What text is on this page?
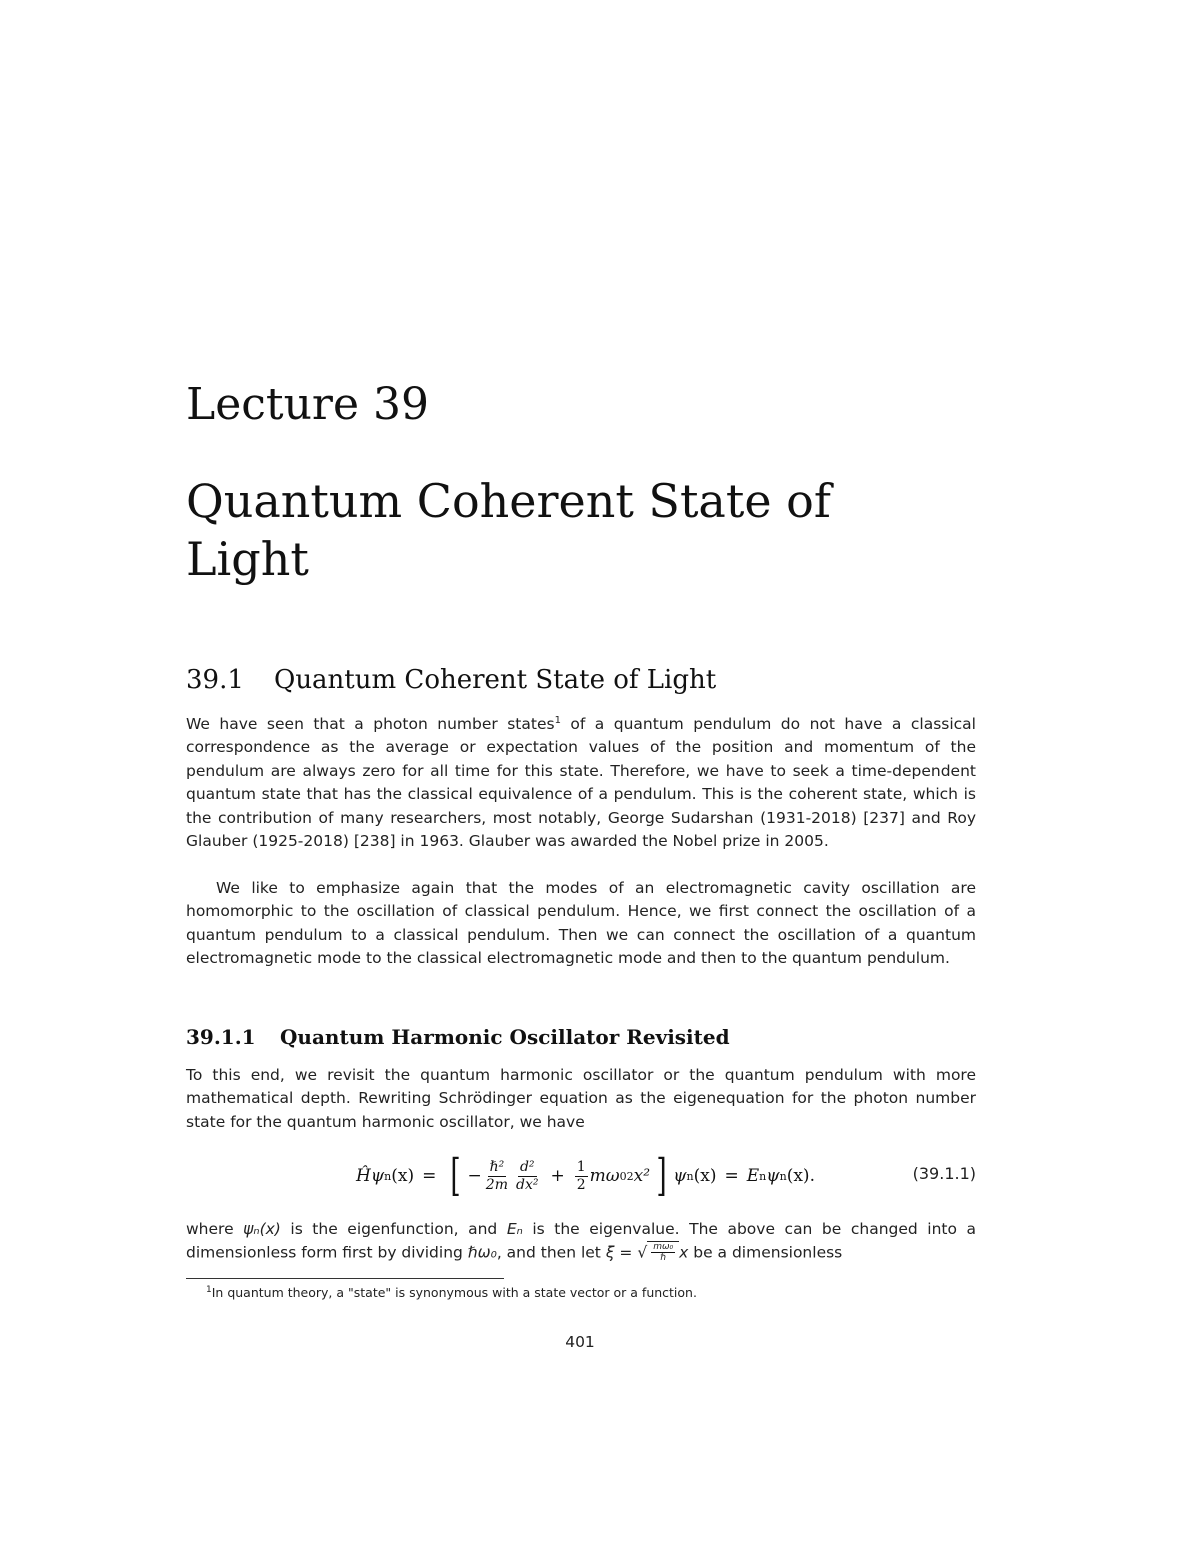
Lecture 39
Quantum Coherent State of Light
39.1 Quantum Coherent State of Light
We have seen that a photon number states$^1$ of a quantum pendulum do not have a classical correspondence as the average or expectation values of the position and momentum of the pendulum are always zero for all time for this state. Therefore, we have to seek a time-dependent quantum state that has the classical equivalence of a pendulum. This is the coherent state, which is the contribution of many researchers, most notably, George Sudarshan (1931-2018) [237] and Roy Glauber (1925-2018) [238] in 1963. Glauber was awarded the Nobel prize in 2005.
We like to emphasize again that the modes of an electromagnetic cavity oscillation are homomorphic to the oscillation of classical pendulum. Hence, we first connect the oscillation of a quantum pendulum to a classical pendulum. Then we can connect the oscillation of a quantum electromagnetic mode to the classical electromagnetic mode and then to the quantum pendulum.
39.1.1 Quantum Harmonic Oscillator Revisited
To this end, we revisit the quantum harmonic oscillator or the quantum pendulum with more mathematical depth. Rewriting Schrödinger equation as the eigenequation for the photon number state for the quantum harmonic oscillator, we have
Ĥ ψ n (x) = [ − $\frac{\text{ℏ²}}{2m} \frac{\text{d²}}{\text{dx²}} + \frac{1}{2}$ mω 0 2 x² ] ψ n (x) = E n ψ n (x) .	(39.1.1)
where ψₙ(x) is the eigenfunction, and Eₙ is the eigenvalue. The above can be changed into a dimensionless form first by dividing ℏω₀, and then let ξ = √ $\frac{\text{mω₀}}{\text{ℏ}}$ x be a dimensionless
$^1$In quantum theory, a "state" is synonymous with a state vector or a function.
401
